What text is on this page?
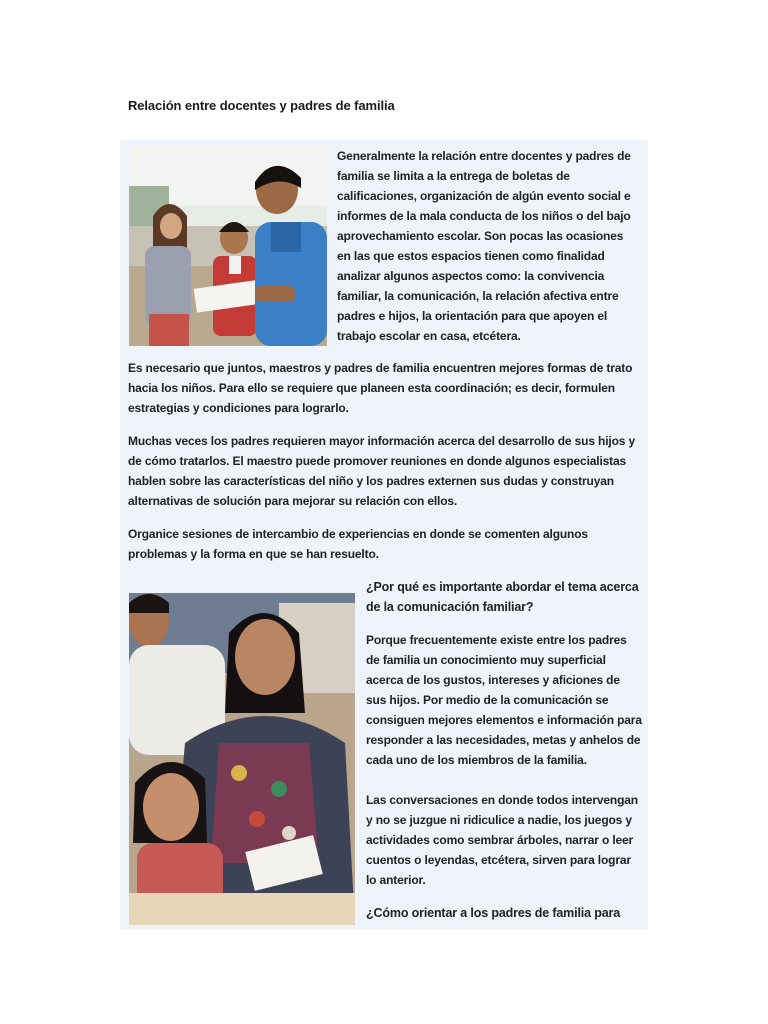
Relación entre docentes y padres de familia
Generalmente la relación entre docentes y padres de familia se limita a la entrega de boletas de calificaciones, organización de algún evento social e informes de la mala conducta de los niños o del bajo aprovechamiento escolar. Son pocas las ocasiones en las que estos espacios tienen como finalidad analizar algunos aspectos como: la convivencia familiar, la comunicación, la relación afectiva entre padres e hijos, la orientación para que apoyen el trabajo escolar en casa, etcétera.
Es necesario que juntos, maestros y padres de familia encuentren mejores formas de trato hacia los niños. Para ello se requiere que planeen esta coordinación; es decir, formulen estrategias y condiciones para lograrlo.
Muchas veces los padres requieren mayor información acerca del desarrollo de sus hijos y de cómo tratarlos. El maestro puede promover reuniones en donde algunos especialistas hablen sobre las características del niño y los padres externen sus dudas y construyan alternativas de solución para mejorar su relación con ellos.
Organice sesiones de intercambio de experiencias en donde se comenten algunos problemas y la forma en que se han resuelto.
¿Por qué es importante abordar el tema acerca de la comunicación familiar?
Porque frecuentemente existe entre los padres de familia un conocimiento muy superficial acerca de los gustos, intereses y aficiones de sus hijos. Por medio de la comunicación se consiguen mejores elementos e información para responder a las necesidades, metas y anhelos de cada uno de los miembros de la familia.
Las conversaciones en donde todos intervengan y no se juzgue ni ridiculice a nadie, los juegos y actividades como sembrar árboles, narrar o leer cuentos o leyendas, etcétera, sirven para lograr lo anterior.
¿Cómo orientar a los padres de familia para
